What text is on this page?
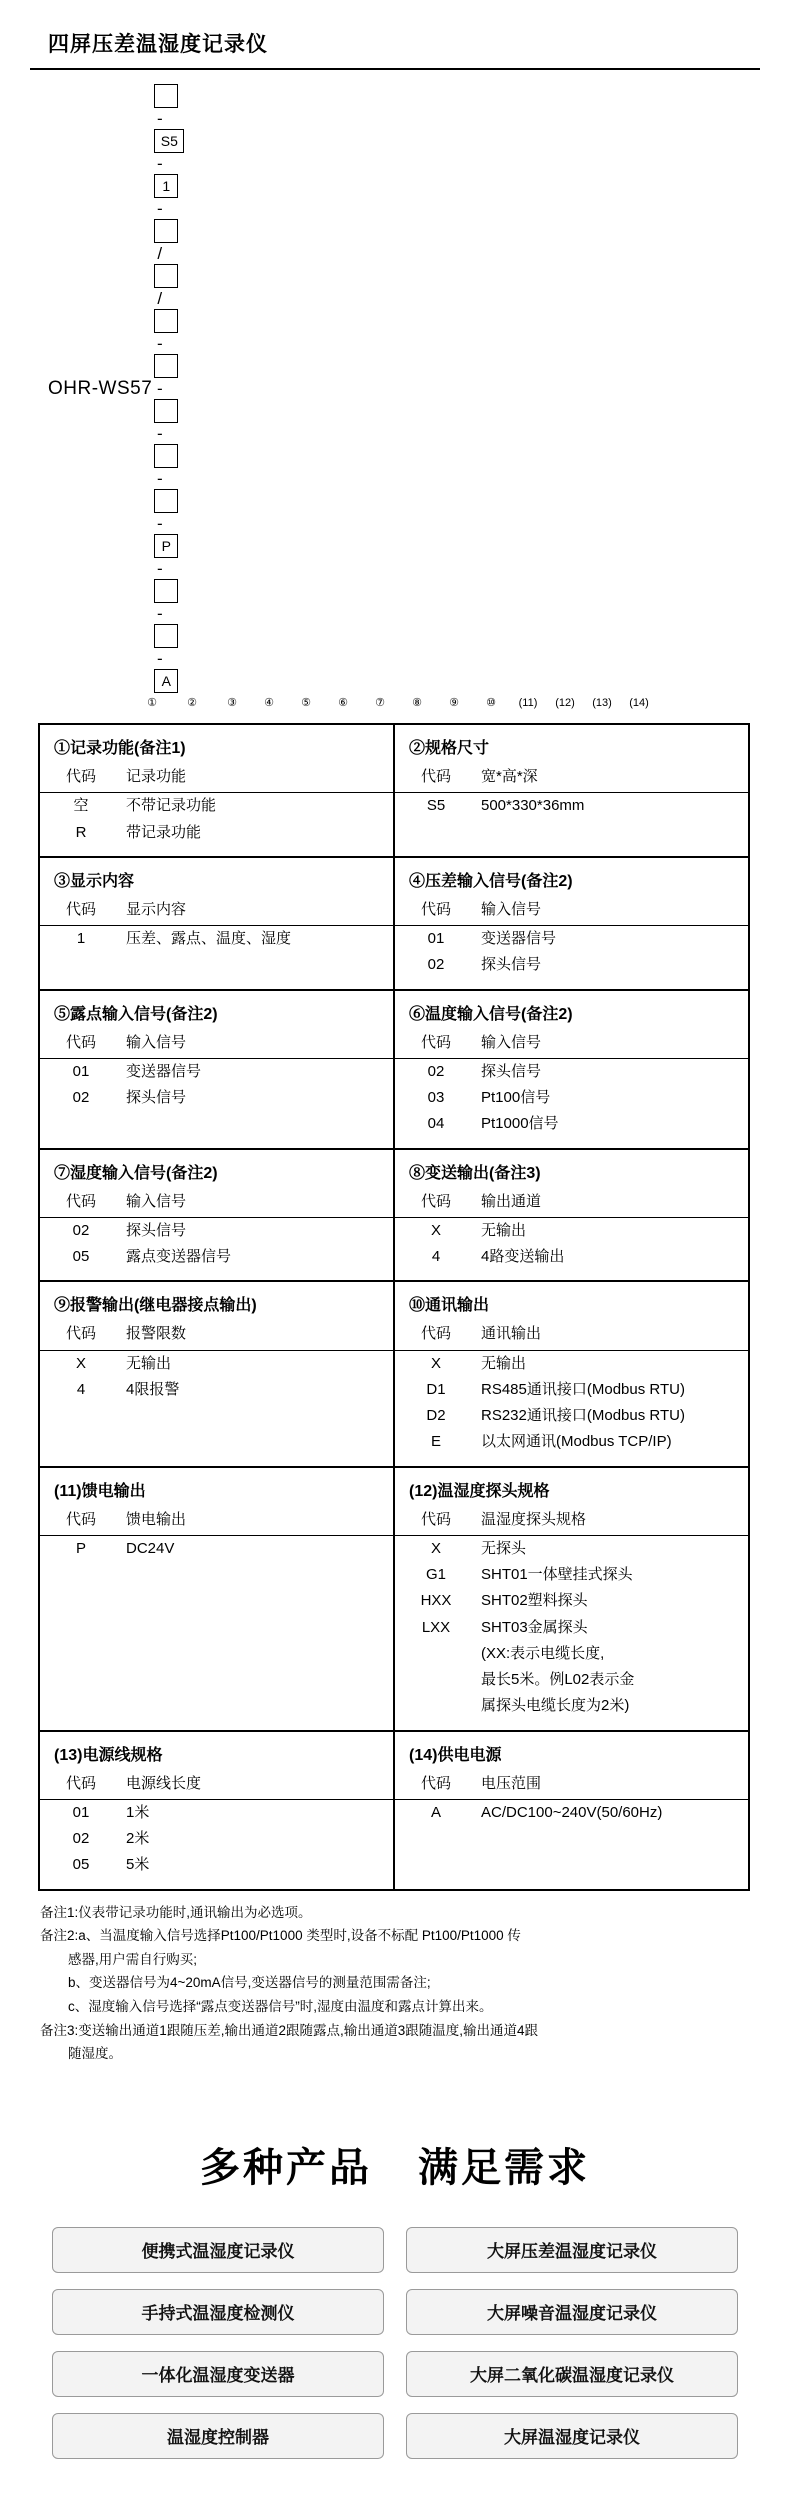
四屏压差温湿度记录仪
OHR-WS57
-
S5
-
1
-
/
/
-
-
-
-
-
P
-
-
-
A
①	②	③ ④ ⑤ ⑥ ⑦ ⑧ ⑨ ⑩ (11) (12) (13) (14)
①记录功能(备注1)
代码	记录功能
空	不带记录功能
R	带记录功能

②规格尺寸
代码	宽*高*深
S5	500*330*36mm

③显示内容
代码	显示内容
1	压差、露点、温度、湿度

④压差输入信号(备注2)
代码	输入信号
01	变送器信号
02	探头信号

⑤露点输入信号(备注2)
代码	输入信号
01	变送器信号
02	探头信号

⑥温度输入信号(备注2)
代码	输入信号
02	探头信号
03	Pt100信号
04	Pt1000信号

⑦湿度输入信号(备注2)
代码	输入信号
02	探头信号
05	露点变送器信号

⑧变送输出(备注3)
代码	输出通道
X	无输出
4	4路变送输出

⑨报警输出(继电器接点输出)
代码	报警限数
X	无输出
4	4限报警

⑩通讯输出
代码	通讯输出
X	无输出
D1	RS485通讯接口(Modbus RTU)
D2	RS232通讯接口(Modbus RTU)
E	以太网通讯(Modbus TCP/IP)

(11)馈电输出
代码	馈电输出
P	DC24V

(12)温湿度探头规格
代码	温湿度探头规格
X	无探头
G1	SHT01一体壁挂式探头
HXX	SHT02塑料探头
LXX	SHT03金属探头
	(XX:表示电缆长度,
	最长5米。例L02表示金
	属探头电缆长度为2米)

(13)电源线规格
代码	电源线长度
01	1米
02	2米
05	5米

(14)供电电源
代码	电压范围
A	AC/DC100~240V(50/60Hz)

备注1:仪表带记录功能时,通讯输出为必选项。

备注2:a、当温度输入信号选择Pt100/Pt1000 类型时,设备不标配 Pt100/Pt1000 传

感器,用户需自行购买;

b、变送器信号为4~20mA信号,变送器信号的测量范围需备注;

c、湿度输入信号选择“露点变送器信号”时,湿度由温度和露点计算出来。

备注3:变送输出通道1跟随压差,输出通道2跟随露点,输出通道3跟随温度,输出通道4跟

随湿度。

多种产品 满足需求
便携式温湿度记录仪	大屏压差温湿度记录仪
手持式温湿度检测仪	大屏噪音温湿度记录仪
一体化温湿度变送器	大屏二氧化碳温湿度记录仪
温湿度控制器	大屏温湿度记录仪
